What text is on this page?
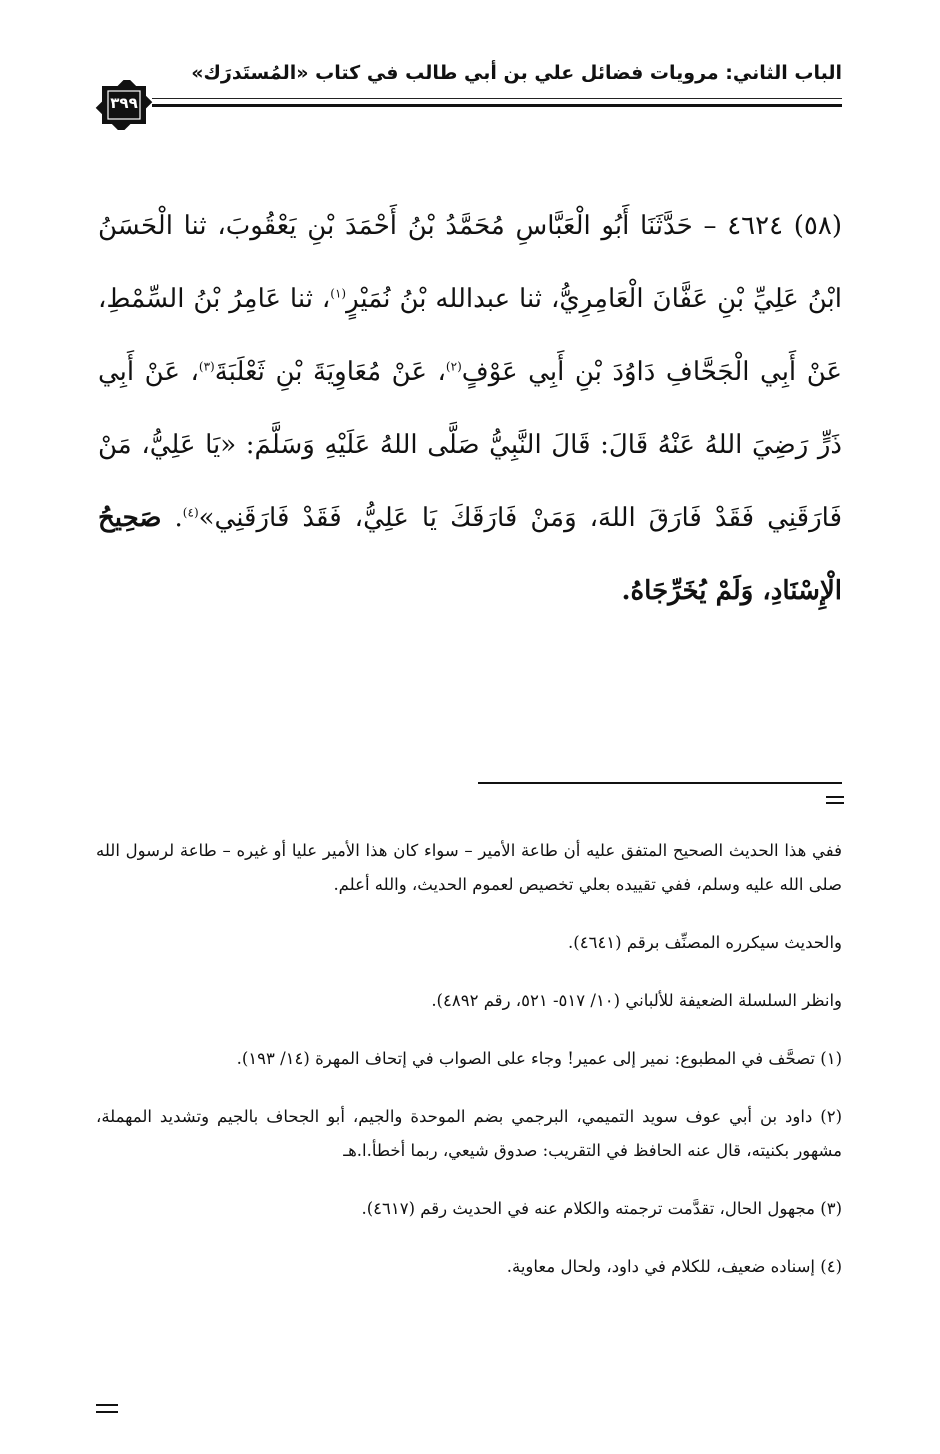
الباب الثاني: مرويات فضائل علي بن أبي طالب في كتاب «المُستَدرَك»
٣٩٩
(٥٨) ٤٦٢٤ – حَدَّثَنَا أَبُو الْعَبَّاسِ مُحَمَّدُ بْنُ أَحْمَدَ بْنِ يَعْقُوبَ، ثنا الْحَسَنُ ابْنُ عَلِيِّ بْنِ عَفَّانَ الْعَامِرِيُّ، ثنا عبدالله بْنُ نُمَيْرٍ$^{(١)}$، ثنا عَامِرُ بْنُ السِّمْطِ، عَنْ أَبِي الْجَحَّافِ دَاوُدَ بْنِ أَبِي عَوْفٍ$^{(٢)}$، عَنْ مُعَاوِيَةَ بْنِ ثَعْلَبَةَ$^{(٣)}$، عَنْ أَبِي ذَرٍّ رَضِيَ اللهُ عَنْهُ قَالَ: قَالَ النَّبِيُّ صَلَّى اللهُ عَلَيْهِ وَسَلَّمَ: «يَا عَلِيُّ، مَنْ فَارَقَنِي فَقَدْ فَارَقَ اللهَ، وَمَنْ فَارَقَكَ يَا عَلِيُّ، فَقَدْ فَارَقَنِي»$^{(٤)}$. صَحِيحُ الْإِسْنَادِ، وَلَمْ يُخَرِّجَاهُ.

ففي هذا الحديث الصحيح المتفق عليه أن طاعة الأمير – سواء كان هذا الأمير عليا أو غيره – طاعة لرسول الله صلى الله عليه وسلم، ففي تقييده بعلي تخصيص لعموم الحديث، والله أعلم.

والحديث سيكرره المصنِّف برقم (٤٦٤١).

وانظر السلسلة الضعيفة للألباني (١٠/ ٥١٧- ٥٢١، رقم ٤٨٩٢).

(١) تصحَّف في المطبوع: نمير إلى عمير! وجاء على الصواب في إتحاف المهرة (١٤/ ١٩٣).

(٢) داود بن أبي عوف سويد التميمي، البرجمي بضم الموحدة والجيم، أبو الجحاف بالجيم وتشديد المهملة، مشهور بكنيته، قال عنه الحافظ في التقريب: صدوق شيعي، ربما أخطأ.ا.هـ

(٣) مجهول الحال، تقدَّمت ترجمته والكلام عنه في الحديث رقم (٤٦١٧).

(٤) إسناده ضعيف، للكلام في داود، ولحال معاوية.
